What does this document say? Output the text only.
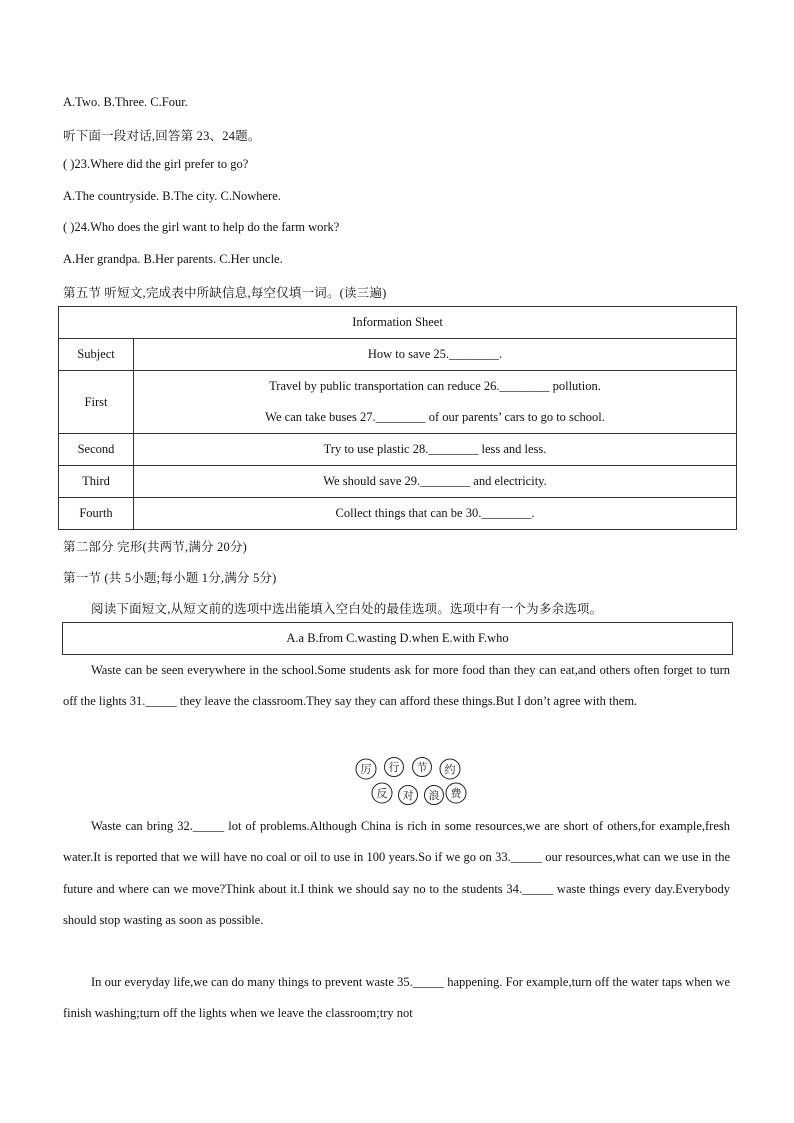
A.Two. B.Three. C.Four.
听下面一段对话,回答第 23、24题。
( )23.Where did the girl prefer to go?
A.The countryside. B.The city. C.Nowhere.
( )24.Who does the girl want to help do the farm work?
A.Her grandpa. B.Her parents. C.Her uncle.
第五节 听短文,完成表中所缺信息,每空仅填一词。(读三遍)
Information Sheet	
Subject	How to save 25.________.
First	Travel by public transportation can reduce 26.________ pollution.
We can take buses 27.________ of our parents’ cars to go to school.

Second	Try to use plastic 28.________ less and less.
Third	We should save 29.________ and electricity.
Fourth	Collect things that can be 30.________.
第二部分 完形(共两节,满分 20分)
第一节 (共 5小题;每小题 1分,满分 5分)
阅读下面短文,从短文前的选项中选出能填入空白处的最佳选项。选项中有一个为多余选项。
A.a B.from C.wasting D.when E.with F.who
Waste can be seen everywhere in the school.Some students ask for more food than they can eat,and others often forget to turn off the lights 31._____ they leave the classroom.They say they can afford these things.But I don’t agree with them.
厉 行 节 约
反 对 浪 费
Waste can bring 32._____ lot of problems.Although China is rich in some resources,we are short of others,for example,fresh water.It is reported that we will have no coal or oil to use in 100 years.So if we go on 33._____ our resources,what can we use in the future and where can we move?Think about it.I think we should say no to the students 34._____ waste things every day.Everybody should stop wasting as soon as possible.
In our everyday life,we can do many things to prevent waste 35._____ happening. For example,turn off the water taps when we finish washing;turn off the lights when we leave the classroom;try not
